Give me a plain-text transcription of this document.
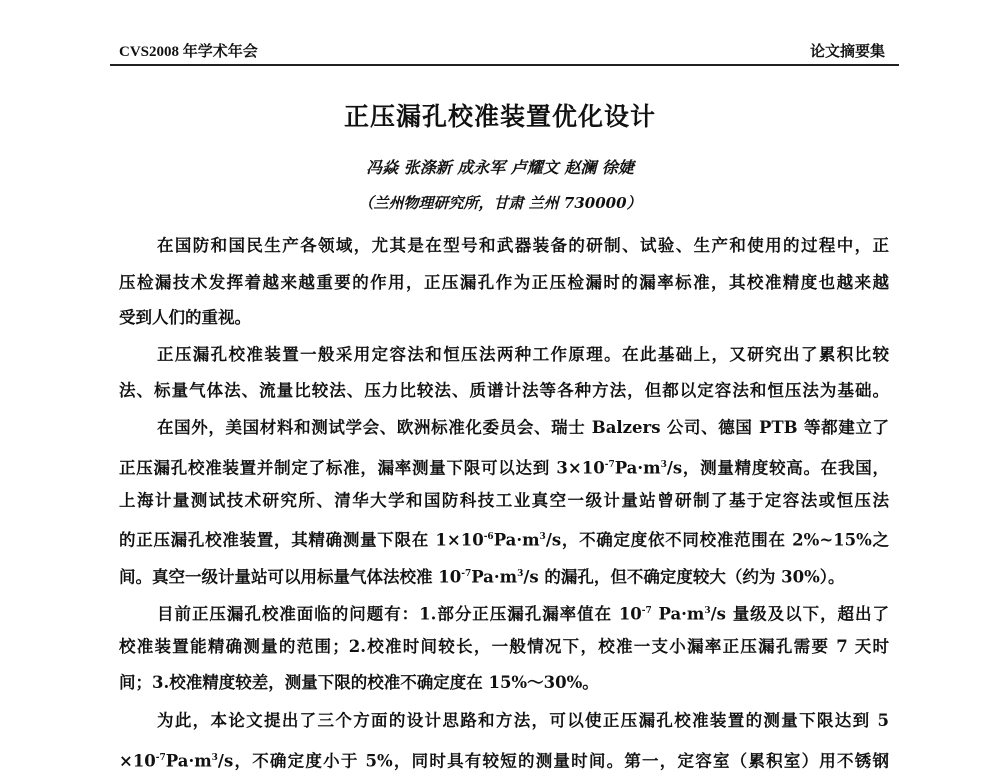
CVS2008 年学术年会	论文摘要集
正压漏孔校准装置优化设计
冯焱 张涤新 成永军 卢耀文 赵澜 徐婕
（兰州物理研究所，甘肃 兰州 730000）
在国防和国民生产各领域，尤其是在型号和武器装备的研制、试验、生产和使用的过程中，正
压检漏技术发挥着越来越重要的作用，正压漏孔作为正压检漏时的漏率标准，其校准精度也越来越
受到人们的重视。
正压漏孔校准装置一般采用定容法和恒压法两种工作原理。在此基础上，又研究出了累积比较
法、标量气体法、流量比较法、压力比较法、质谱计法等各种方法，但都以定容法和恒压法为基础。
在国外，美国材料和测试学会、欧洲标准化委员会、瑞士 Balzers 公司、德国 PTB 等都建立了
正压漏孔校准装置并制定了标准，漏率测量下限可以达到 $3\times 10^{-7}Pa\cdot m^3/s$，测量精度较高。在我国，
上海计量测试技术研究所、清华大学和国防科技工业真空一级计量站曾研制了基于定容法或恒压法
的正压漏孔校准装置，其精确测量下限在 $1\times 10^{-6}Pa\cdot m^3/s$，不确定度依不同校准范围在 2%~15%之
间。真空一级计量站可以用标量气体法校准 $10^{-7}Pa\cdot m^3/s$ 的漏孔，但不确定度较大（约为 30%）。
目前正压漏孔校准面临的问题有：1.部分正压漏孔漏率值在 $10^{-7}$ $Pa\cdot m^3/s$ 量级及以下，超出了
校准装置能精确测量的范围；2.校准时间较长，一般情况下，校准一支小漏率正压漏孔需要 7 天时
间；3.校准精度较差，测量下限的校准不确定度在 15%～30%。
为此，本论文提出了三个方面的设计思路和方法，可以使正压漏孔校准装置的测量下限达到 5
$\times 10^{-7}Pa\cdot m^3/s$，不确定度小于 5%，同时具有较短的测量时间。第一，定容室（累积室）用不锈钢
